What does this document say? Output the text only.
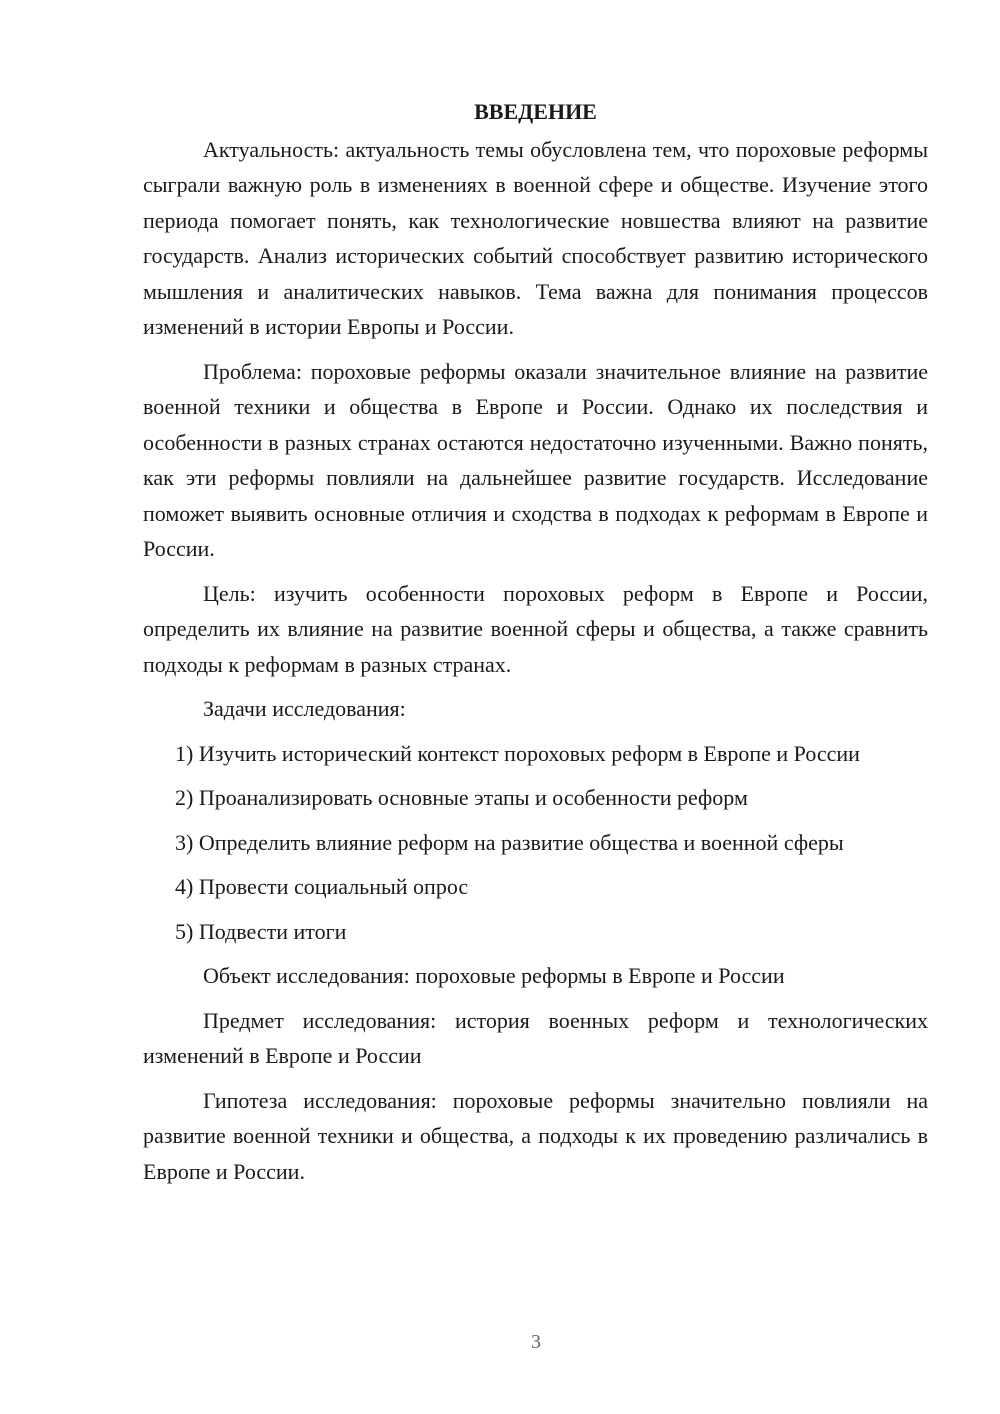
ВВЕДЕНИЕ

Актуальность: актуальность темы обусловлена тем, что пороховые реформы сыграли важную роль в изменениях в военной сфере и обществе. Изучение этого периода помогает понять, как технологические новшества влияют на развитие государств. Анализ исторических событий способствует развитию исторического мышления и аналитических навыков. Тема важна для понимания процессов изменений в истории Европы и России.

Проблема: пороховые реформы оказали значительное влияние на развитие военной техники и общества в Европе и России. Однако их последствия и особенности в разных странах остаются недостаточно изученными. Важно понять, как эти реформы повлияли на дальнейшее развитие государств. Исследование поможет выявить основные отличия и сходства в подходах к реформам в Европе и России.

Цель: изучить особенности пороховых реформ в Европе и России, определить их влияние на развитие военной сферы и общества, а также сравнить подходы к реформам в разных странах.

Задачи исследования:

1) Изучить исторический контекст пороховых реформ в Европе и России

2) Проанализировать основные этапы и особенности реформ

3) Определить влияние реформ на развитие общества и военной сферы

4) Провести социальный опрос

5) Подвести итоги

Объект исследования: пороховые реформы в Европе и России

Предмет исследования: история военных реформ и технологических изменений в Европе и России

Гипотеза исследования: пороховые реформы значительно повлияли на развитие военной техники и общества, а подходы к их проведению различались в Европе и России.

3
